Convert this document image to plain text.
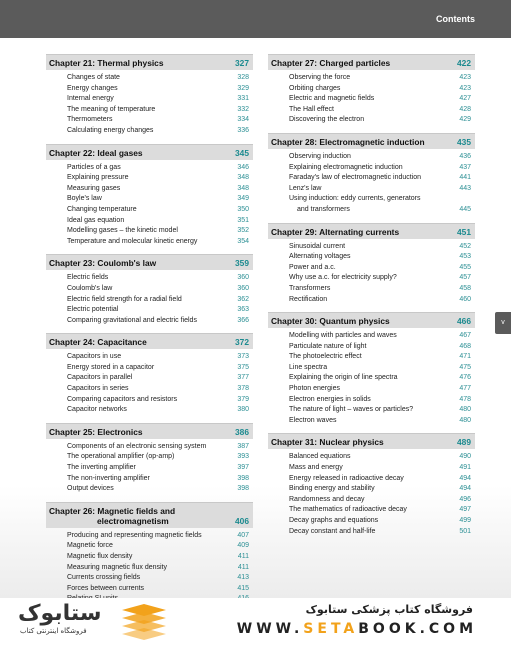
Contents
v
Chapter 21: Thermal physics	327
Changes of state	328
Energy changes	329
Internal energy	331
The meaning of temperature	332
Thermometers	334
Calculating energy changes	336
Chapter 22: Ideal gases	345
Particles of a gas	346
Explaining pressure	348
Measuring gases	348
Boyle's law	349
Changing temperature	350
Ideal gas equation	351
Modelling gases – the kinetic model	352
Temperature and molecular kinetic energy	354
Chapter 23: Coulomb's law	359
Electric fields	360
Coulomb's law	360
Electric field strength for a radial field	362
Electric potential	363
Comparing gravitational and electric fields	366
Chapter 24: Capacitance	372
Capacitors in use	373
Energy stored in a capacitor	375
Capacitors in parallel	377
Capacitors in series	378
Comparing capacitors and resistors	379
Capacitor networks	380
Chapter 25: Electronics	386
Components of an electronic sensing system	387
The operational amplifier (op-amp)	393
The inverting amplifier	397
The non-inverting amplifier	398
Output devices	398
Chapter 26: Magnetic fields and
electromagnetism	406
Producing and representing magnetic fields	407
Magnetic force	409
Magnetic flux density	411
Measuring magnetic flux density	411
Currents crossing fields	413
Forces between currents	415
Chapter 27: Charged particles	422
Observing the force	423
Orbiting charges	423
Electric and magnetic fields	427
The Hall effect	428
Discovering the electron	429
Chapter 28: Electromagnetic induction	435
Observing induction	436
Explaining electromagnetic induction	437
Faraday's law of electromagnetic induction	441
Lenz's law	443
Using induction: eddy currents, generators
and transformers	445
Chapter 29: Alternating currents	451
Sinusoidal current	452
Alternating voltages	453
Power and a.c.	455
Why use a.c. for electricity supply?	457
Transformers	458
Rectification	460
Chapter 30: Quantum physics	466
Modelling with particles and waves	467
Particulate nature of light	468
The photoelectric effect	471
Line spectra	475
Explaining the origin of line spectra	476
Photon energies	477
Electron energies in solids	478
The nature of light – waves or particles?	480
Electron waves	480
Chapter 31: Nuclear physics	489
Balanced equations	490
Mass and energy	491
Energy released in radioactive decay	494
Binding energy and stability	494
Randomness and decay	496
The mathematics of radioactive decay	497
Decay graphs and equations	499
Decay constant and half-life	501
ستابوک
فروشگاه اینترنتی کتاب
فروشگاه کتاب پزشکی ستابوک
WWW.SETABOOK.COM
